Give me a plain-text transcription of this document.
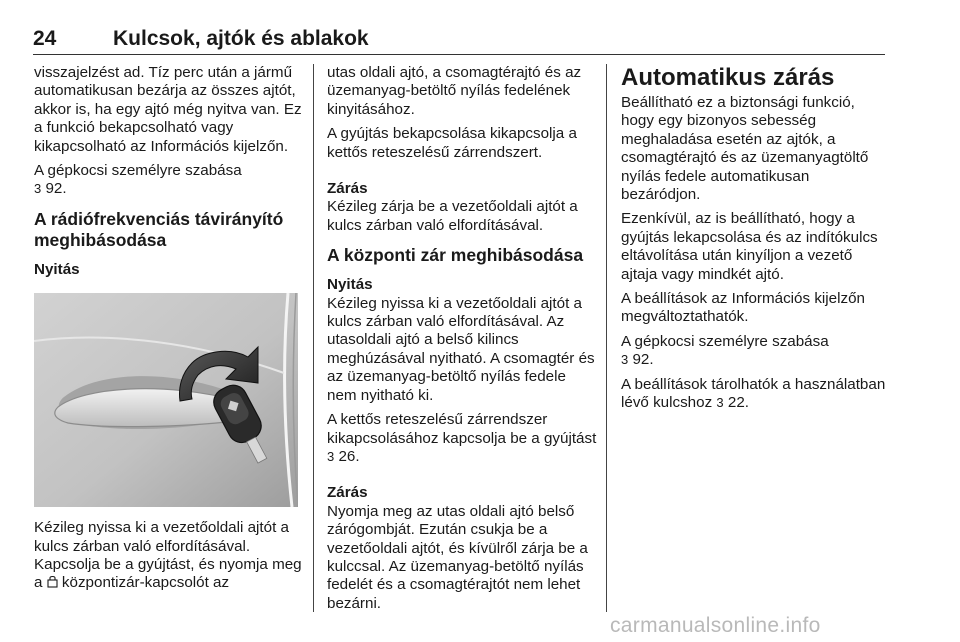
24	Kulcsok, ajtók és ablakok

visszajelzést ad. Tíz perc után a jármű automatikusan bezárja az összes ajtót, akkor is, ha egy ajtó még nyitva van. Ez a funkció bekapcsolható vagy kikapcsolható az Információs kijelzőn.

A gépkocsi személyre szabása
3 92.

A rádiófrekvenciás távirányító meghibásodása
Nyitás

Kézileg nyissa ki a vezetőoldali ajtót a kulcs zárban való elfordításával. Kapcsolja be a gyújtást, és nyomja meg a központizár-kapcsolót az

utas oldali ajtó, a csomagtérajtó és az üzemanyag-betöltő nyílás fedelének kinyitásához.

A gyújtás bekapcsolása kikapcsolja a kettős reteszelésű zárrendszert.

Zárás

Kézileg zárja be a vezetőoldali ajtót a kulcs zárban való elfordításával.

A központi zár meghibásodása
Nyitás

Kézileg nyissa ki a vezetőoldali ajtót a kulcs zárban való elfordításával. Az utasoldali ajtó a belső kilincs meghúzásával nyitható. A csomagtér és az üzemanyag-betöltő nyílás fedele nem nyitható ki.

A kettős reteszelésű zárrendszer kikapcsolásához kapcsolja be a gyújtást 3 26.

Zárás

Nyomja meg az utas oldali ajtó belső zárógombját. Ezután csukja be a vezetőoldali ajtót, és kívülről zárja be a kulccsal. Az üzemanyag-betöltő nyílás fedelét és a csomagtérajtót nem lehet bezárni.

Automatikus zárás

Beállítható ez a biztonsági funkció, hogy egy bizonyos sebesség meghaladása esetén az ajtók, a csomagtérajtó és az üzemanyagtöltő nyílás fedele automatikusan bezáródjon.

Ezenkívül, az is beállítható, hogy a gyújtás lekapcsolása és az indítókulcs eltávolítása után kinyíljon a vezető ajtaja vagy mindkét ajtó.

A beállítások az Információs kijelzőn megváltoztathatók.

A gépkocsi személyre szabása
3 92.

A beállítások tárolhatók a használatban lévő kulcshoz 3 22.

carmanualsonline.info
